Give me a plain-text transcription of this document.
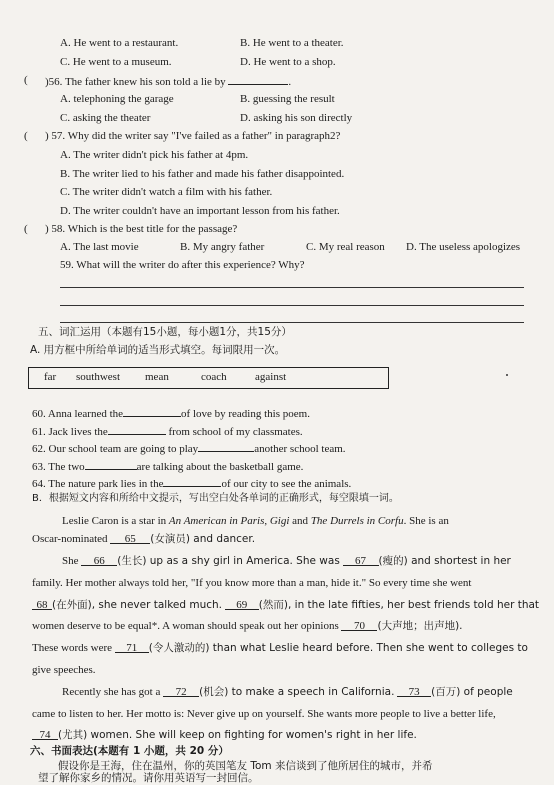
A. He went to a restaurant.	B. He went to a theater.
C. He went to a museum.	D. He went to a shop.
( )56. The father knew his son told a lie by	.
A. telephoning the garage	B. guessing the result
C. asking the theater	D. asking his son directly
( ) 57. Why did the writer say "I've failed as a father" in paragraph2?
A. The writer didn't pick his father at 4pm.
B. The writer lied to his father and made his father disappointed.
C. The writer didn't watch a film with his father.
D. The writer couldn't have an important lesson from his father.
( ) 58. Which is the best title for the passage?
A. The last movie	B. My angry father	C. My real reason D. The useless apologizes
59. What will the writer do after this experience? Why?
五、词汇运用（本题有15小题，每小题1分，共15分）
A. 用方框中所给单词的适当形式填空。每词限用一次。
far southwest mean	coach	against
60. Anna learned the	of love by reading this poem.
61. Jack lives the	from school of my classmates.
62. Our school team are going to play	another school team.
63. The two	are talking about the basketball game.
64. The nature park lies in the	of our city to see the animals.
B．根据短文内容和所给中文提示，写出空白处各单词的正确形式，每空限填一词。
Leslie Caron is a star in An American in Paris, Gigi and The Durrels in Corfu. She is an
Oscar-nominated 65 (女演员) and dancer.
She 66 (生长) up as a shy girl in America. She was 67 (瘦的) and shortest in her
family. Her mother always told her, "If you know more than a man, hide it." So every time she went
68 (在外面), she never talked much. 69 (然而), in the late fifties, her best friends told her that
women deserve to be equal*. A woman should speak out her opinions 70 (大声地；出声地).
These words were 71 (令人激动的) than what Leslie heard before. Then she went to colleges to
give speeches.
Recently she has got a 72 (机会) to make a speech in California. 73 (百万) of people
came to listen to her. Her motto is: Never give up on yourself. She wants more people to live a better life,
74 (尤其) women. She will keep on fighting for women's right in her life.
六、书面表达(本题有 1 小题，共 20 分）
假设你是王海，住在温州，你的英国笔友 Tom 来信谈到了他所居住的城市，并希
望了解你家乡的情况。请你用英语写一封回信。
